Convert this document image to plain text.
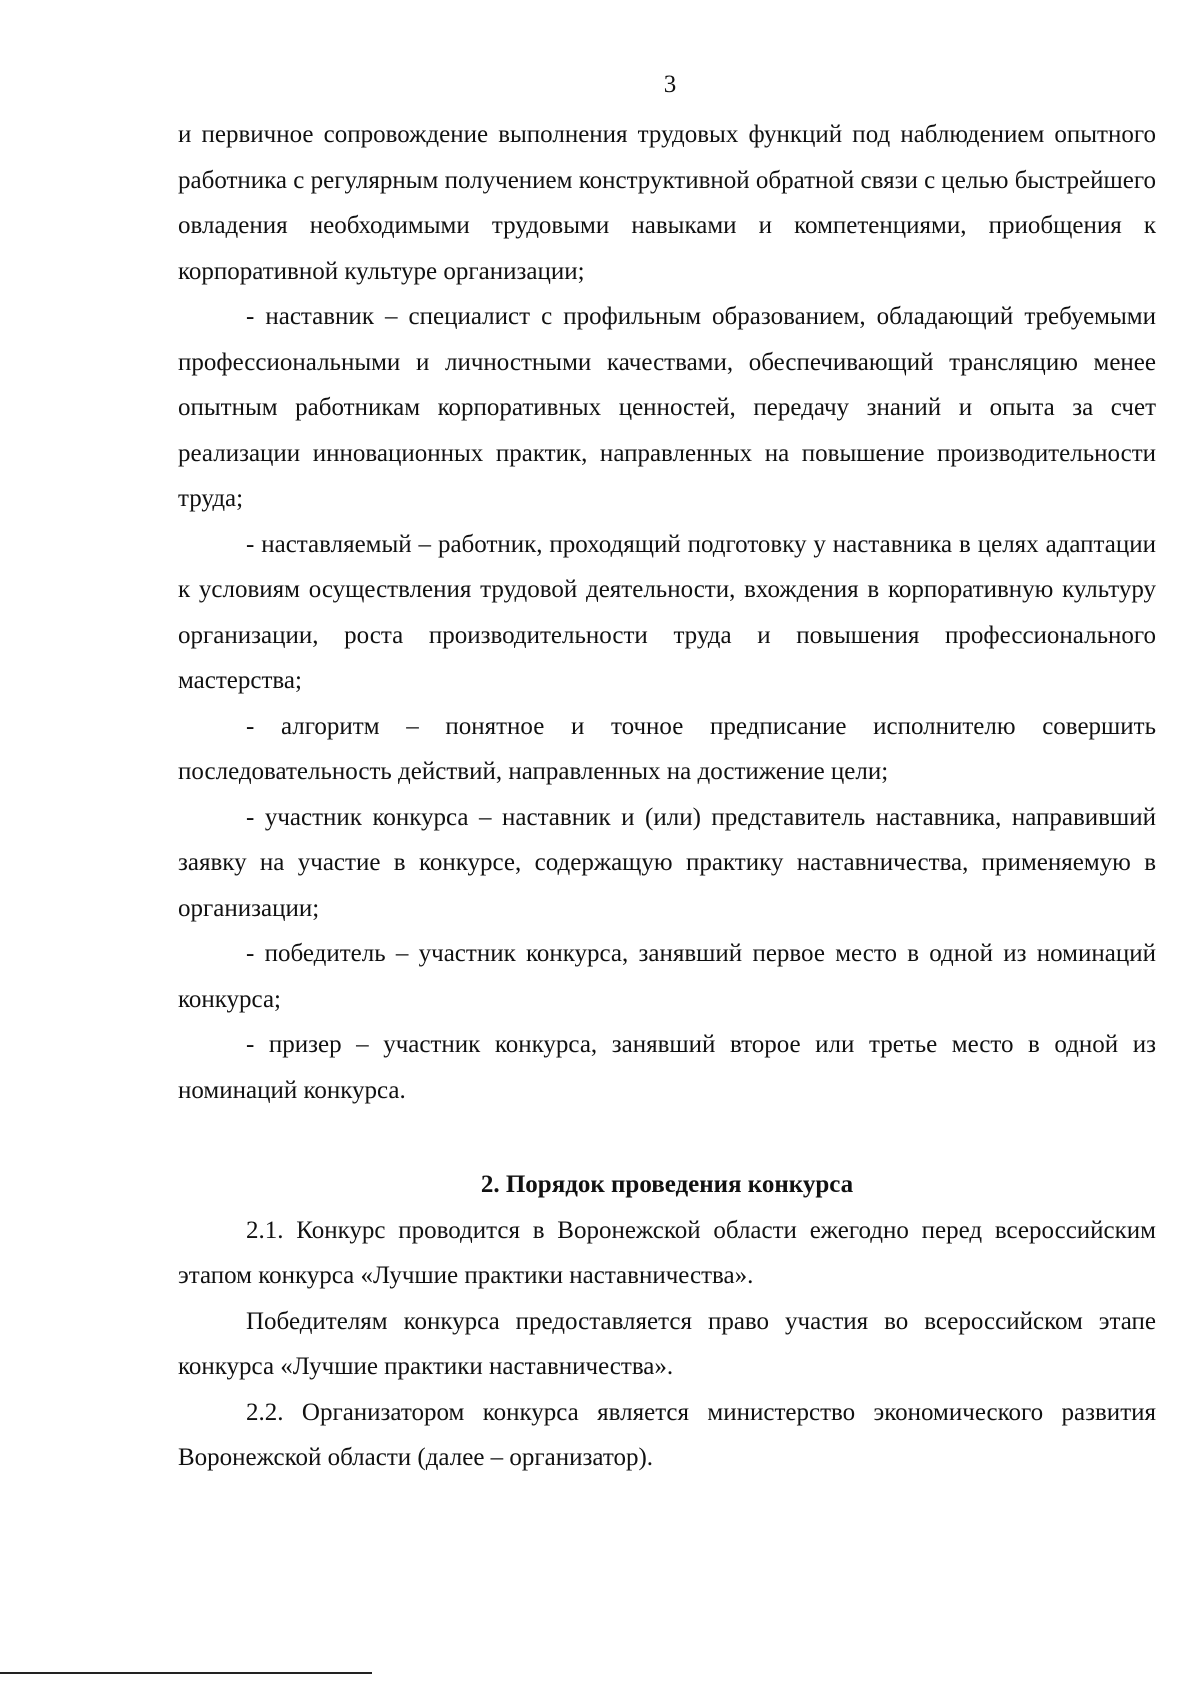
3

и первичное сопровождение выполнения трудовых функций под наблюдением опытного работника с регулярным получением конструктивной обратной связи с целью быстрейшего овладения необходимыми трудовыми навыками и компетенциями, приобщения к корпоративной культуре организации;

- наставник – специалист с профильным образованием, обладающий требуемыми профессиональными и личностными качествами, обеспечивающий трансляцию менее опытным работникам корпоративных ценностей, передачу знаний и опыта за счет реализации инновационных практик, направленных на повышение производительности труда;

- наставляемый – работник, проходящий подготовку у наставника в целях адаптации к условиям осуществления трудовой деятельности, вхождения в корпоративную культуру организации, роста производительности труда и повышения профессионального мастерства;

- алгоритм – понятное и точное предписание исполнителю совершить последовательность действий, направленных на достижение цели;

- участник конкурса – наставник и (или) представитель наставника, направивший заявку на участие в конкурсе, содержащую практику наставничества, применяемую в организации;

- победитель – участник конкурса, занявший первое место в одной из номинаций конкурса;

- призер – участник конкурса, занявший второе или третье место в одной из номинаций конкурса.

2. Порядок проведения конкурса

2.1. Конкурс проводится в Воронежской области ежегодно перед всероссийским этапом конкурса «Лучшие практики наставничества».

Победителям конкурса предоставляется право участия во всероссийском этапе конкурса «Лучшие практики наставничества».

2.2. Организатором конкурса является министерство экономического развития Воронежской области (далее – организатор).
